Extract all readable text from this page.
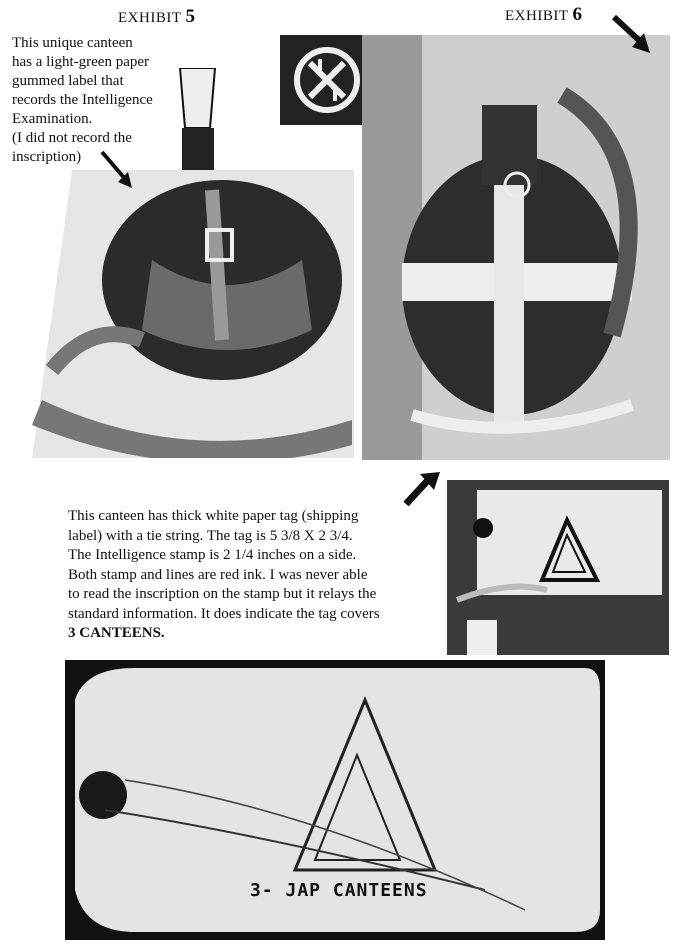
EXHIBIT 5	EXHIBIT 6
This unique canteen
has a light-green paper
gummed label that
records the Intelligence
Examination.
(I did not record the
inscription)
This canteen has thick white paper tag (shipping
label) with a tie string. The tag is 5 3/8 X 2 3/4.
The Intelligence stamp is 2 1/4 inches on a side.
Both stamp and lines are red ink. I was never able
to read the inscription on the stamp but it relays the
standard information. It does indicate the tag covers
3 CANTEENS.
3- JAP CANTEENS
